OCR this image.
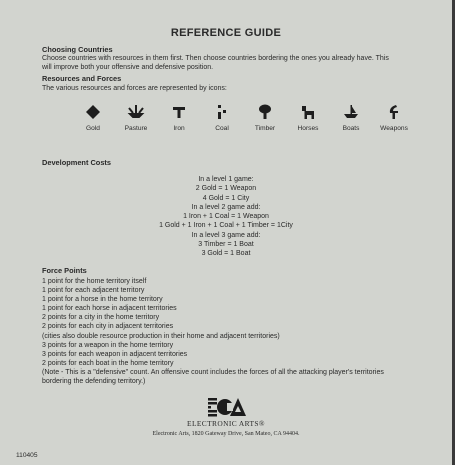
REFERENCE GUIDE
Choosing Countries
Choose countries with resources in them first. Then choose countries bordering the ones you already have. This
will improve both your offensive and defensive position.
Resources and Forces
The various resources and forces are represented by icons:
Gold	Pasture	Iron	Coal	Timber	Horses	Boats	Weapons
Development Costs
In a level 1 game:
2 Gold = 1 Weapon
4 Gold = 1 City
In a level 2 game add:
1 Iron + 1 Coal = 1 Weapon
1 Gold + 1 Iron + 1 Coal + 1 Timber = 1City
In a level 3 game add:
3 Timber = 1 Boat
3 Gold = 1 Boat
Force Points
1 point for the home territory itself
1 point for each adjacent territory
1 point for a horse in the home territory
1 point for each horse in adjacent territories
2 points for a city in the home territory
2 points for each city in adjacent territories
(cities also double resource production in their home and adjacent territories)
3 points for a weapon in the home territory
3 points for each weapon in adjacent territories
2 points for each boat in the home territory
(Note - This is a "defensive" count. An offensive count includes the forces of all the attacking player's territories
bordering the defending territory.)
ELECTRONIC ARTS®
Electronic Arts, 1820 Gateway Drive, San Mateo, CA 94404.
110405
